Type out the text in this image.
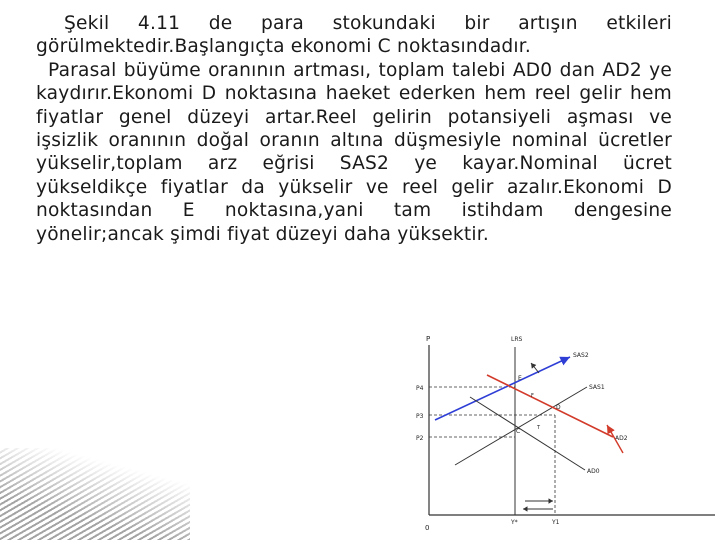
Şekil 4.11 de para stokundaki bir artışın etkileri görülmektedir.Başlangıçta ekonomi C noktasındadır.
Parasal büyüme oranının artması, toplam talebi AD0 dan AD2 ye kaydırır.Ekonomi D noktasına haeket ederken hem reel gelir hem fiyatlar genel düzeyi artar.Reel gelirin potansiyeli aşması ve işsizlik oranının doğal oranın altına düşmesiyle nominal ücretler yükselir,toplam arz eğrisi SAS2 ye kayar.Nominal ücret yükseldikçe fiyatlar da yükselir ve reel gelir azalır.Ekonomi D noktasından E noktasına,yani tam istihdam dengesine yönelir;ancak şimdi fiyat düzeyi daha yüksektir.
P
0
LRS
P4
P3
P2
Y*	Y1
SAS2
SAS1
AD2
AD0
E
D
C
F
T
